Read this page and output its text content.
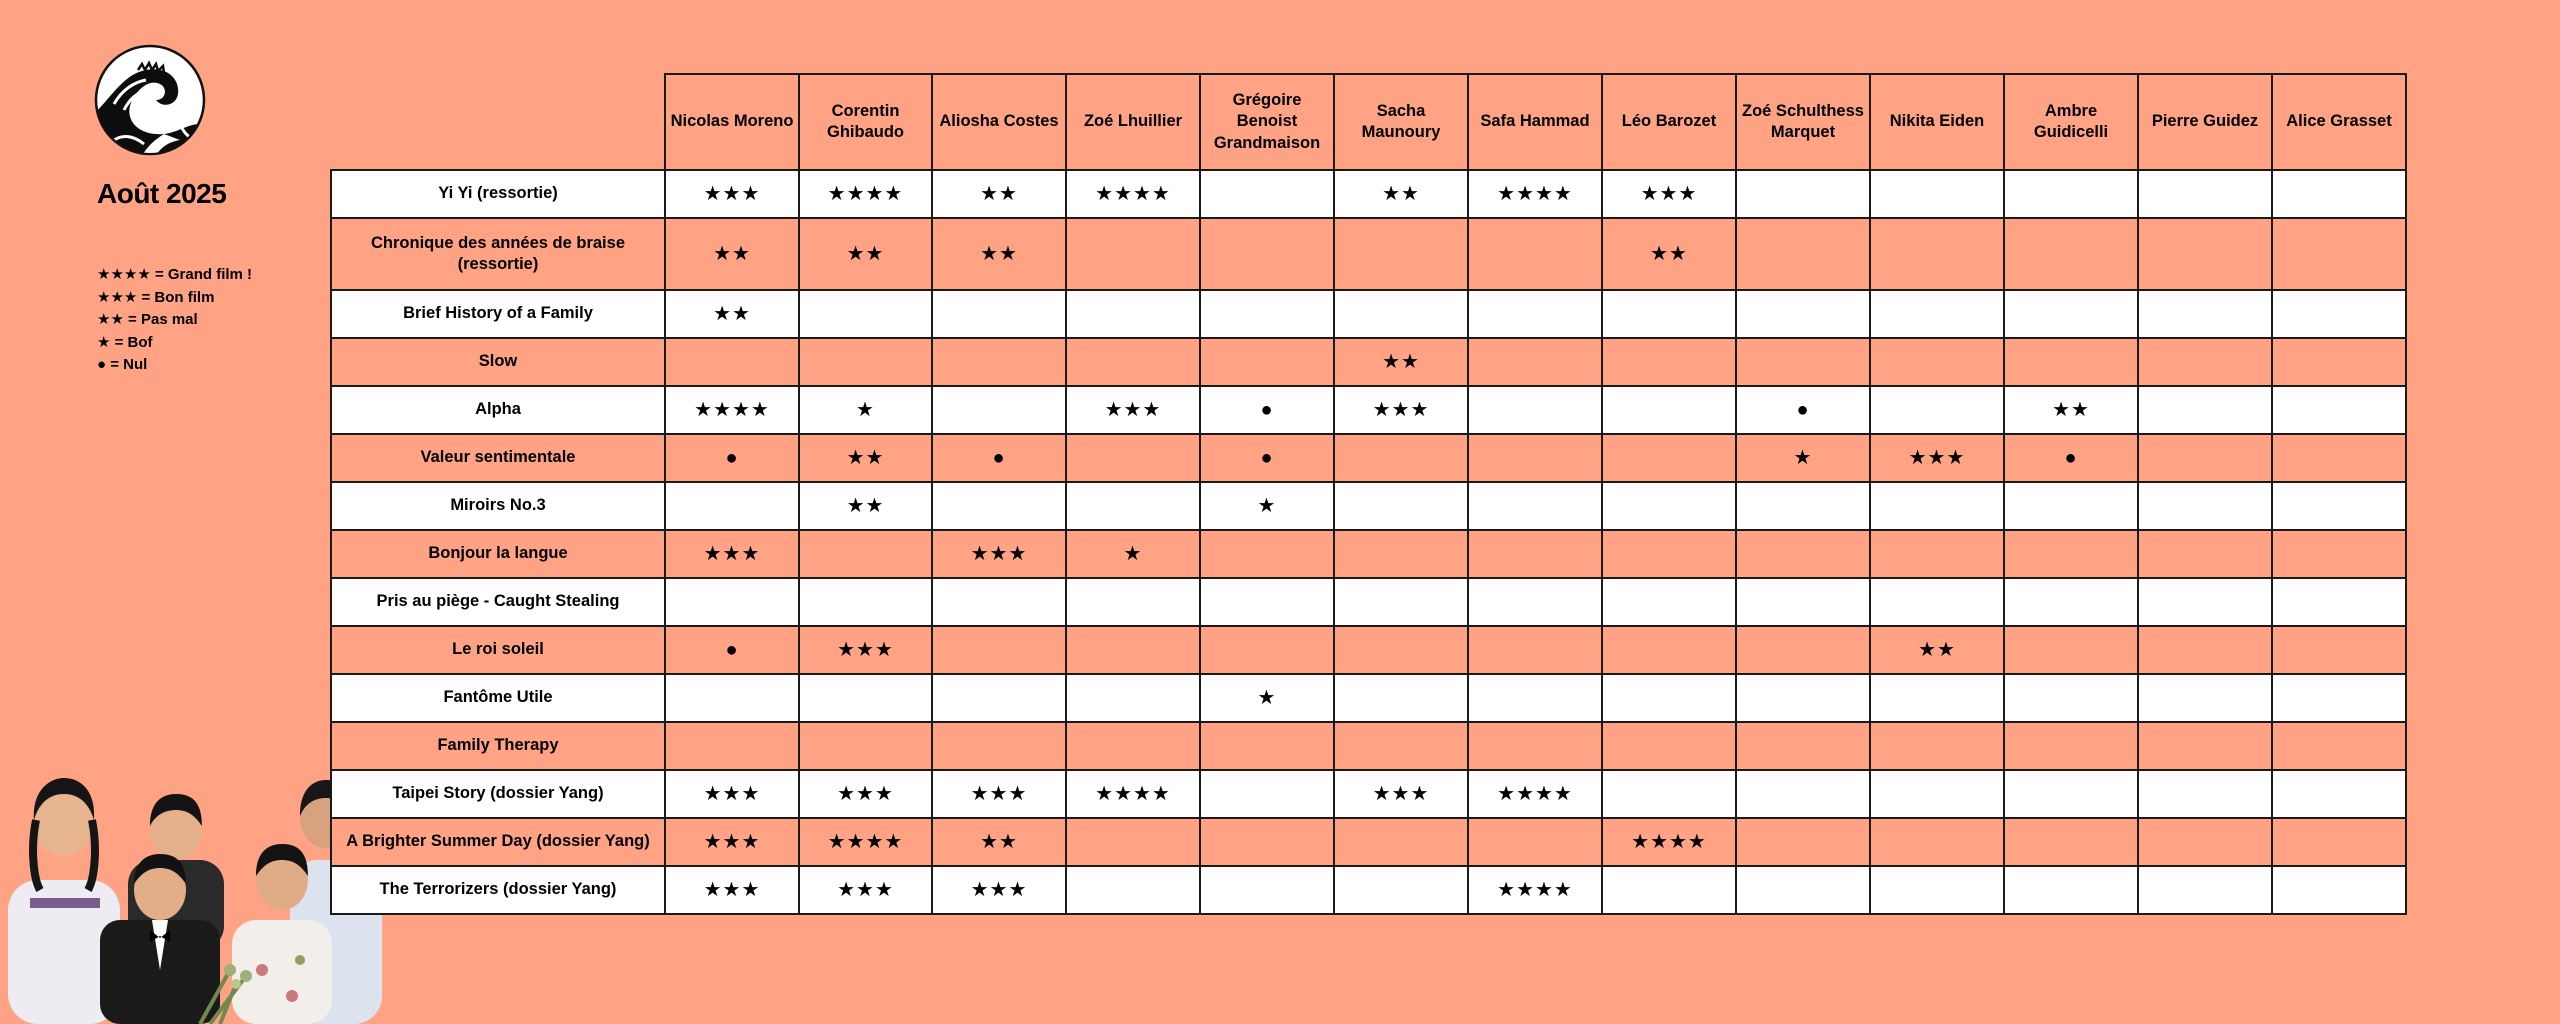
Août 2025
★★★★ = Grand film !
★★★ = Bon film
★★ = Pas mal
★ = Bof
● = Nul
	Nicolas Moreno	Corentin Ghibaudo	Aliosha Costes	Zoé Lhuillier	Grégoire Benoist Grandmaison	Sacha Maunoury	Safa Hammad	Léo Barozet	Zoé Schulthess Marquet	Nikita Eiden	Ambre Guidicelli	Pierre Guidez	Alice Grasset
Yi Yi (ressortie)	★★★	★★★★	★★	★★★★		★★	★★★★	★★★					
Chronique des années de braise (ressortie)	★★	★★	★★					★★					
Brief History of a Family	★★												
Slow						★★							
Alpha	★★★★	★		★★★	●	★★★			●		★★		
Valeur sentimentale	●	★★	●		●				★	★★★	●		
Miroirs No.3		★★			★								
Bonjour la langue	★★★		★★★	★									
Pris au piège - Caught Stealing													
Le roi soleil	●	★★★								★★			
Fantôme Utile					★								
Family Therapy													
Taipei Story (dossier Yang)	★★★	★★★	★★★	★★★★		★★★	★★★★						
A Brighter Summer Day (dossier Yang)	★★★	★★★★	★★					★★★★					
The Terrorizers (dossier Yang)	★★★	★★★	★★★				★★★★						
